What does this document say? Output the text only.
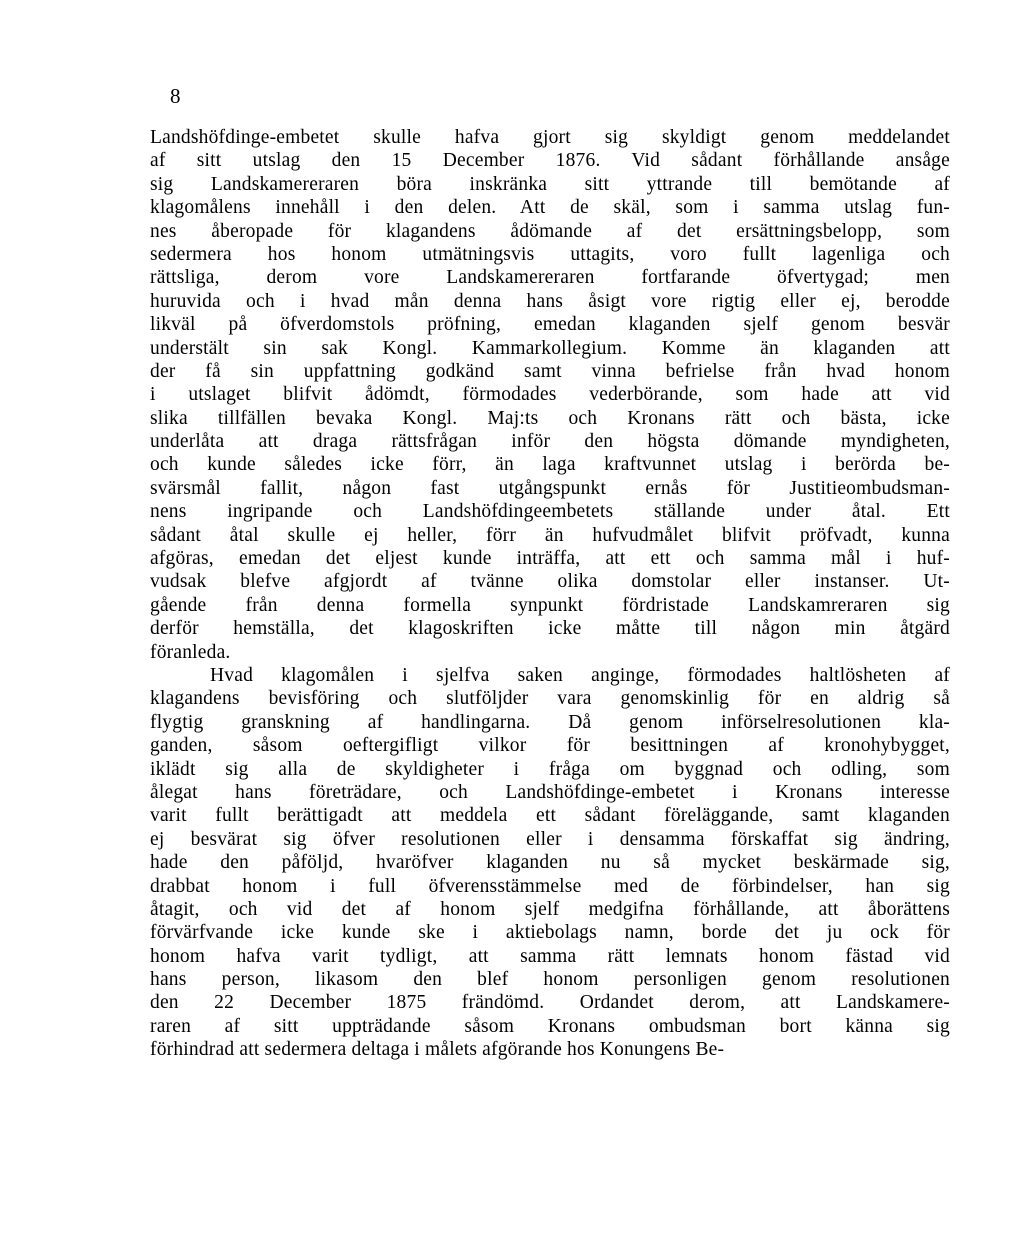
8
Landshöfdinge-embetet skulle hafva gjort sig skyldigt genom meddelandet
af sitt utslag den 15 December 1876. Vid sådant förhållande ansåge
sig Landskamereraren böra inskränka sitt yttrande till bemötande af
klagomålens innehåll i den delen. Att de skäl, som i samma utslag fun-
nes åberopade för klagandens ådömande af det ersättningsbelopp, som
sedermera hos honom utmätningsvis uttagits, voro fullt lagenliga och
rättsliga, derom vore Landskamereraren fortfarande öfvertygad; men
huruvida och i hvad mån denna hans åsigt vore rigtig eller ej, berodde
likväl på öfverdomstols pröfning, emedan klaganden sjelf genom besvär
understält sin sak Kongl. Kammarkollegium. Komme än klaganden att
der få sin uppfattning godkänd samt vinna befrielse från hvad honom
i utslaget blifvit ådömdt, förmodades vederbörande, som hade att vid
slika tillfällen bevaka Kongl. Maj:ts och Kronans rätt och bästa, icke
underlåta att draga rättsfrågan inför den högsta dömande myndigheten,
och kunde således icke förr, än laga kraftvunnet utslag i berörda be-
svärsmål fallit, någon fast utgångspunkt ernås för Justitieombudsman-
nens ingripande och Landshöfdingeembetets ställande under åtal. Ett
sådant åtal skulle ej heller, förr än hufvudmålet blifvit pröfvadt, kunna
afgöras, emedan det eljest kunde inträffa, att ett och samma mål i huf-
vudsak blefve afgjordt af tvänne olika domstolar eller instanser. Ut-
gående från denna formella synpunkt fördristade Landskamreraren sig
derför hemställa, det klagoskriften icke måtte till någon min åtgärd
föranleda.
Hvad klagomålen i sjelfva saken anginge, förmodades haltlösheten af
klagandens bevisföring och slutföljder vara genomskinlig för en aldrig så
flygtig granskning af handlingarna. Då genom införselresolutionen kla-
ganden, såsom oeftergifligt vilkor för besittningen af kronohybygget,
iklädt sig alla de skyldigheter i fråga om byggnad och odling, som
ålegat hans företrädare, och Landshöfdinge-embetet i Kronans interesse
varit fullt berättigadt att meddela ett sådant föreläggande, samt klaganden
ej besvärat sig öfver resolutionen eller i densamma förskaffat sig ändring,
hade den påföljd, hvaröfver klaganden nu så mycket beskärmade sig,
drabbat honom i full öfverensstämmelse med de förbindelser, han sig
åtagit, och vid det af honom sjelf medgifna förhållande, att åborättens
förvärfvande icke kunde ske i aktiebolags namn, borde det ju ock för
honom hafva varit tydligt, att samma rätt lemnats honom fästad vid
hans person, likasom den blef honom personligen genom resolutionen
den 22 December 1875 frändömd. Ordandet derom, att Landskamere-
raren af sitt uppträdande såsom Kronans ombudsman bort känna sig
förhindrad att sedermera deltaga i målets afgörande hos Konungens Be-
